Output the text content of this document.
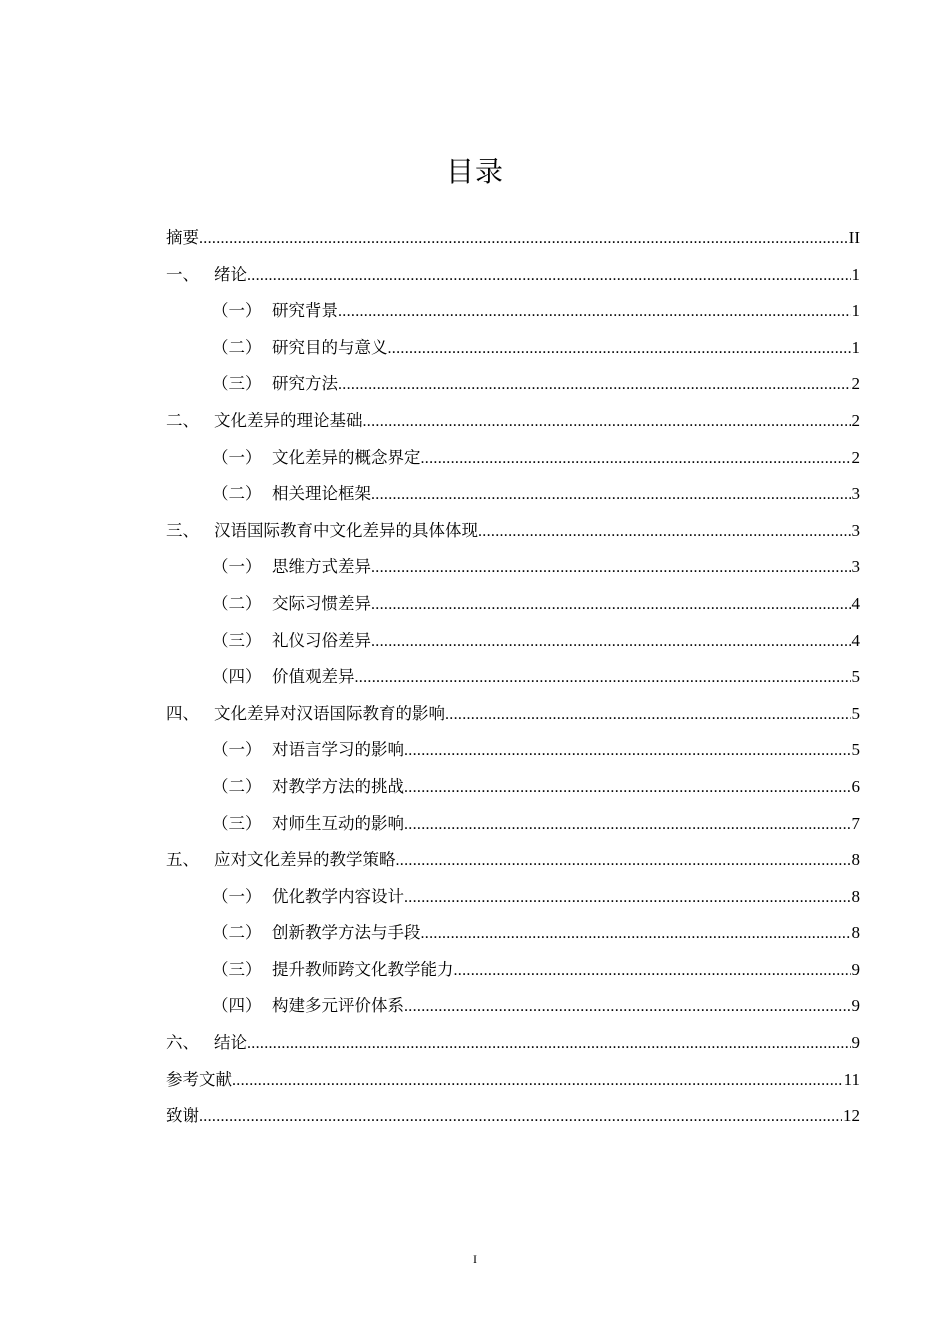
目录
摘要 .....	II
一、 绪论 .....	1
（一） 研究背景 .....	1
（二） 研究目的与意义 .....	1
（三） 研究方法 .....	2
二、 文化差异的理论基础 .....	2
（一） 文化差异的概念界定 .....	2
（二） 相关理论框架 .....	3
三、 汉语国际教育中文化差异的具体体现 .....	3
（一） 思维方式差异 .....	3
（二） 交际习惯差异 .....	4
（三） 礼仪习俗差异 .....	4
（四） 价值观差异 .....	5
四、 文化差异对汉语国际教育的影响 .....	5
（一） 对语言学习的影响 .....	5
（二） 对教学方法的挑战 .....	6
（三） 对师生互动的影响 .....	7
五、 应对文化差异的教学策略 .....	8
（一） 优化教学内容设计 .....	8
（二） 创新教学方法与手段 .....	8
（三） 提升教师跨文化教学能力 .....	9
（四） 构建多元评价体系 .....	9
六、 结论 .....	9
参考文献 .....	11
致谢 .....	12
I
